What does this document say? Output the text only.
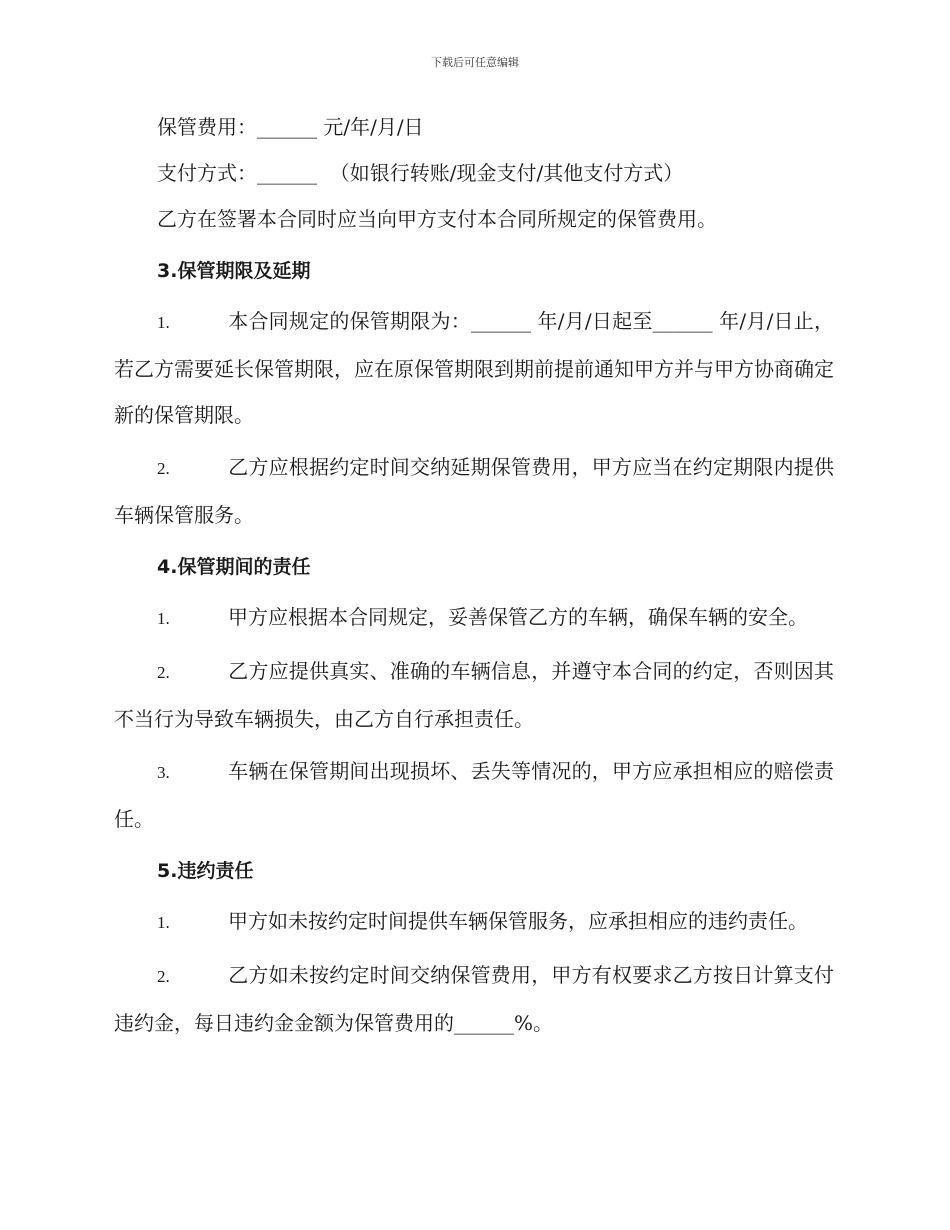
下载后可任意编辑

保管费用：______ 元/年/月/日

支付方式：______  （如银行转账/现金支付/其他支付方式）

乙方在签署本合同时应当向甲方支付本合同所规定的保管费用。

3.保管期限及延期

1.	本合同规定的保管期限为：______ 年/月/日起至______ 年/月/日止，若乙方需要延长保管期限，应在原保管期限到期前提前通知甲方并与甲方协商确定新的保管期限。

2.	乙方应根据约定时间交纳延期保管费用，甲方应当在约定期限内提供车辆保管服务。

4.保管期间的责任

1.	甲方应根据本合同规定，妥善保管乙方的车辆，确保车辆的安全。

2.	乙方应提供真实、准确的车辆信息，并遵守本合同的约定，否则因其不当行为导致车辆损失，由乙方自行承担责任。

3.	车辆在保管期间出现损坏、丢失等情况的，甲方应承担相应的赔偿责任。

5.违约责任

1.	甲方如未按约定时间提供车辆保管服务，应承担相应的违约责任。

2.	乙方如未按约定时间交纳保管费用，甲方有权要求乙方按日计算支付违约金，每日违约金金额为保管费用的______%。
